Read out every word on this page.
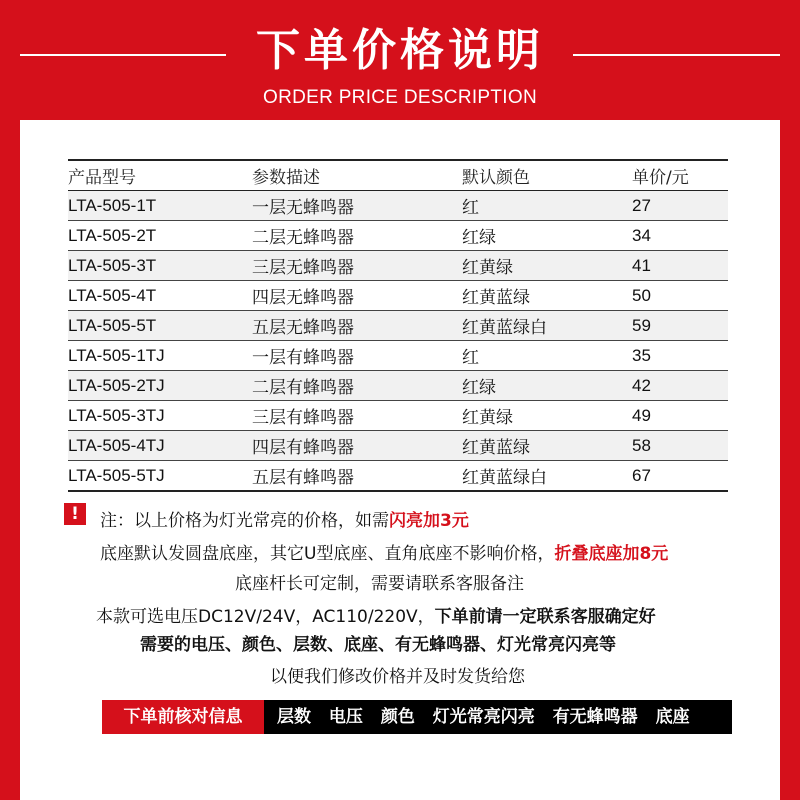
下单价格说明
ORDER PRICE DESCRIPTION
产品型号	参数描述	默认颜色	单价/元
LTA-505-1T	一层无蜂鸣器	红	27
LTA-505-2T	二层无蜂鸣器	红绿	34
LTA-505-3T	三层无蜂鸣器	红黄绿	41
LTA-505-4T	四层无蜂鸣器	红黄蓝绿	50
LTA-505-5T	五层无蜂鸣器	红黄蓝绿白	59
LTA-505-1TJ	一层有蜂鸣器	红	35
LTA-505-2TJ	二层有蜂鸣器	红绿	42
LTA-505-3TJ	三层有蜂鸣器	红黄绿	49
LTA-505-4TJ	四层有蜂鸣器	红黄蓝绿	58
LTA-505-5TJ	五层有蜂鸣器	红黄蓝绿白	67
!	注：以上价格为灯光常亮的价格，如需闪亮加3元
底座默认发圆盘底座，其它U型底座、直角底座不影响价格，折叠底座加8元
底座杆长可定制，需要请联系客服备注
本款可选电压DC12V/24V，AC110/220V，下单前请一定联系客服确定好
需要的电压、颜色、层数、底座、有无蜂鸣器、灯光常亮闪亮等
以便我们修改价格并及时发货给您
下单前核对信息	层数 电压 颜色 灯光常亮闪亮 有无蜂鸣器 底座
